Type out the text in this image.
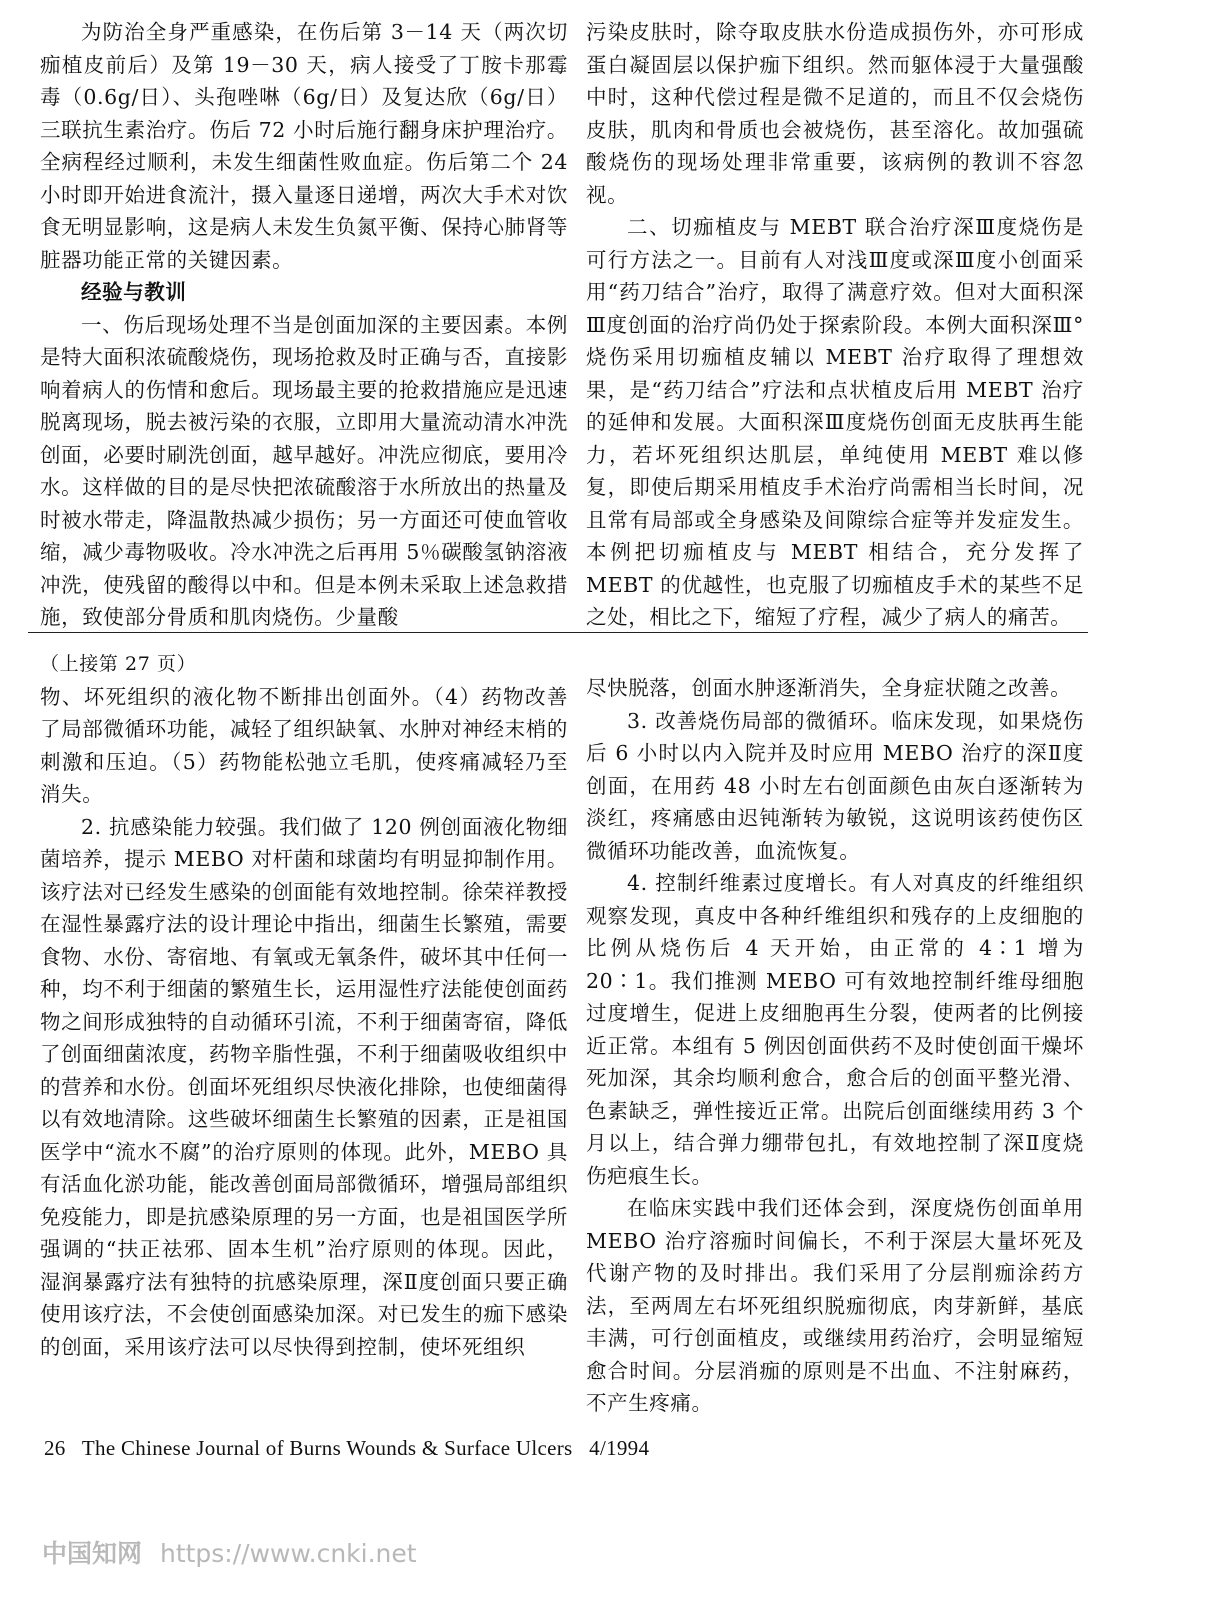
为防治全身严重感染，在伤后第 3－14 天（两次切痂植皮前后）及第 19－30 天，病人接受了丁胺卡那霉毒（0.6g/日）、头孢唑啉（6g/日）及复达欣（6g/日）三联抗生素治疗。伤后 72 小时后施行翻身床护理治疗。全病程经过顺利，未发生细菌性败血症。伤后第二个 24 小时即开始进食流汁，摄入量逐日递增，两次大手术对饮食无明显影响，这是病人未发生负氮平衡、保持心肺肾等脏器功能正常的关键因素。

经验与教训

一、伤后现场处理不当是创面加深的主要因素。本例是特大面积浓硫酸烧伤，现场抢救及时正确与否，直接影响着病人的伤情和愈后。现场最主要的抢救措施应是迅速脱离现场，脱去被污染的衣服，立即用大量流动清水冲洗创面，必要时刷洗创面，越早越好。冲洗应彻底，要用冷水。这样做的目的是尽快把浓硫酸溶于水所放出的热量及时被水带走，降温散热减少损伤；另一方面还可使血管收缩，减少毒物吸收。冷水冲洗之后再用 5％碳酸氢钠溶液冲洗，使残留的酸得以中和。但是本例未采取上述急救措施，致使部分骨质和肌肉烧伤。少量酸

污染皮肤时，除夺取皮肤水份造成损伤外，亦可形成蛋白凝固层以保护痂下组织。然而躯体浸于大量强酸中时，这种代偿过程是微不足道的，而且不仅会烧伤皮肤，肌肉和骨质也会被烧伤，甚至溶化。故加强硫酸烧伤的现场处理非常重要，该病例的教训不容忽视。

二、切痂植皮与 MEBT 联合治疗深Ⅲ度烧伤是可行方法之一。目前有人对浅Ⅲ度或深Ⅲ度小创面采用“药刀结合”治疗，取得了满意疗效。但对大面积深Ⅲ度创面的治疗尚仍处于探索阶段。本例大面积深Ⅲ°烧伤采用切痂植皮辅以 MEBT 治疗取得了理想效果，是“药刀结合”疗法和点状植皮后用 MEBT 治疗的延伸和发展。大面积深Ⅲ度烧伤创面无皮肤再生能力，若坏死组织达肌层，单纯使用 MEBT 难以修复，即使后期采用植皮手术治疗尚需相当长时间，况且常有局部或全身感染及间隙综合症等并发症发生。本例把切痂植皮与 MEBT 相结合，充分发挥了 MEBT 的优越性，也克服了切痂植皮手术的某些不足之处，相比之下，缩短了疗程，减少了病人的痛苦。

（上接第 27 页）

物、坏死组织的液化物不断排出创面外。（4）药物改善了局部微循环功能，减轻了组织缺氧、水肿对神经末梢的刺激和压迫。（5）药物能松弛立毛肌，使疼痛减轻乃至消失。

2. 抗感染能力较强。我们做了 120 例创面液化物细菌培养，提示 MEBO 对杆菌和球菌均有明显抑制作用。该疗法对已经发生感染的创面能有效地控制。徐荣祥教授在湿性暴露疗法的设计理论中指出，细菌生长繁殖，需要食物、水份、寄宿地、有氧或无氧条件，破坏其中任何一种，均不利于细菌的繁殖生长，运用湿性疗法能使创面药物之间形成独特的自动循环引流，不利于细菌寄宿，降低了创面细菌浓度，药物辛脂性强，不利于细菌吸收组织中的营养和水份。创面坏死组织尽快液化排除，也使细菌得以有效地清除。这些破坏细菌生长繁殖的因素，正是祖国医学中“流水不腐”的治疗原则的体现。此外，MEBO 具有活血化淤功能，能改善创面局部微循环，增强局部组织免疫能力，即是抗感染原理的另一方面，也是祖国医学所强调的“扶正祛邪、固本生机”治疗原则的体现。因此，湿润暴露疗法有独特的抗感染原理，深Ⅱ度创面只要正确使用该疗法，不会使创面感染加深。对已发生的痂下感染的创面，采用该疗法可以尽快得到控制，使坏死组织

尽快脱落，创面水肿逐渐消失，全身症状随之改善。

3. 改善烧伤局部的微循环。临床发现，如果烧伤后 6 小时以内入院并及时应用 MEBO 治疗的深Ⅱ度创面，在用药 48 小时左右创面颜色由灰白逐渐转为淡红，疼痛感由迟钝渐转为敏锐，这说明该药使伤区微循环功能改善，血流恢复。

4. 控制纤维素过度增长。有人对真皮的纤维组织观察发现，真皮中各种纤维组织和残存的上皮细胞的比例从烧伤后 4 天开始，由正常的 4∶1 增为 20∶1。我们推测 MEBO 可有效地控制纤维母细胞过度增生，促进上皮细胞再生分裂，使两者的比例接近正常。本组有 5 例因创面供药不及时使创面干燥坏死加深，其余均顺利愈合，愈合后的创面平整光滑、色素缺乏，弹性接近正常。出院后创面继续用药 3 个月以上，结合弹力绷带包扎，有效地控制了深Ⅱ度烧伤疤痕生长。

在临床实践中我们还体会到，深度烧伤创面单用 MEBO 治疗溶痂时间偏长，不利于深层大量坏死及代谢产物的及时排出。我们采用了分层削痂涂药方法，至两周左右坏死组织脱痂彻底，肉芽新鲜，基底丰满，可行创面植皮，或继续用药治疗，会明显缩短愈合时间。分层消痂的原则是不出血、不注射麻药，不产生疼痛。

26 The Chinese Journal of Burns Wounds & Surface Ulcers 4/1994
中国知网 https://www.cnki.net
